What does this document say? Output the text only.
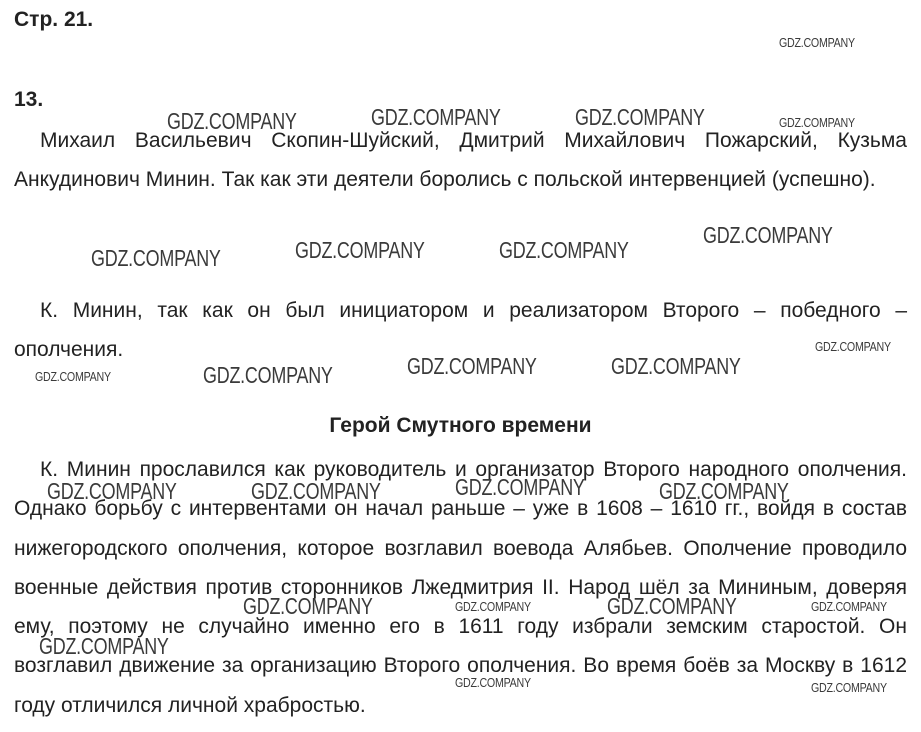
Стр. 21.
13.

Михаил Васильевич Скопин-Шуйский, Дмитрий Михайлович Пожарский, Кузьма Анкудинович Минин. Так как эти деятели боролись с польской интервенцией (успешно).

К. Минин, так как он был инициатором и реализатором Второго – победного – ополчения.

Герой Смутного времени

К. Минин прославился как руководитель и организатор Второго народного ополчения. Однако борьбу с интервентами он начал раньше – уже в 1608 – 1610 гг., войдя в состав нижегородского ополчения, которое возглавил воевода Алябьев. Ополчение проводило военные действия против сторонников Лжедмитрия II. Народ шёл за Мининым, доверяя ему, поэтому не случайно именно его в 1611 году избрали земским старостой. Он возглавил движение за организацию Второго ополчения. Во время боёв за Москву в 1612 году отличился личной храбростью.

GDZ.COMPANY
GDZ.COMPANY	GDZ.COMPANY	GDZ.COMPANY	GDZ.COMPANY
GDZ.COMPANY	GDZ.COMPANY	GDZ.COMPANY
GDZ.COMPANY
GDZ.COMPANY
GDZ.COMPANY	GDZ.COMPANY	GDZ.COMPANY	GDZ.COMPANY
GDZ.COMPANY	GDZ.COMPANY	GDZ.COMPANY	GDZ.COMPANY
GDZ.COMPANY	GDZ.COMPANY	GDZ.COMPANY	GDZ.COMPANY
GDZ.COMPANY
GDZ.COMPANY	GDZ.COMPANY
